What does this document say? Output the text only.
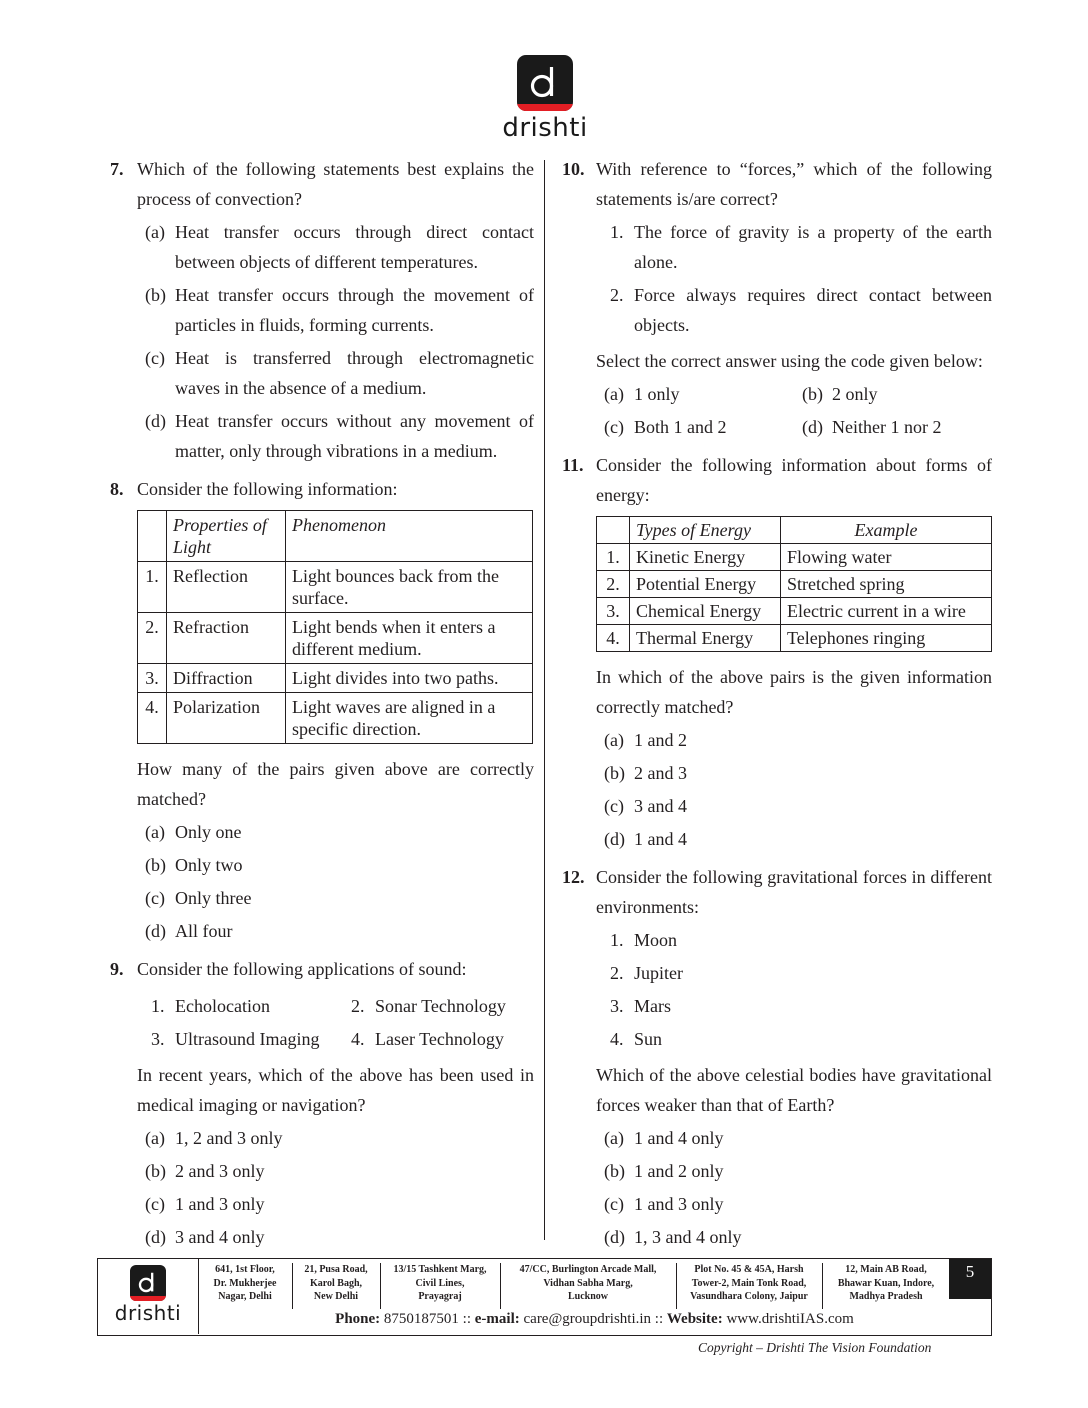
drishti
7. Which of the following statements best explains the process of convection?
(a) Heat transfer occurs through direct contact between objects of different temperatures.
(b) Heat transfer occurs through the movement of particles in fluids, forming currents.
(c) Heat is transferred through electromagnetic waves in the absence of a medium.
(d) Heat transfer occurs without any movement of matter, only through vibrations in a medium.
8. Consider the following information:
	Properties of Light	Phenomenon
1.	Reflection	Light bounces back from the surface.
2.	Refraction	Light bends when it enters a different medium.
3.	Diffraction	Light divides into two paths.
4.	Polarization	Light waves are aligned in a specific direction.
How many of the pairs given above are correctly matched?
(a) Only one
(b) Only two
(c) Only three
(d) All four
9. Consider the following applications of sound:
1. Echolocation	2. Sonar Technology
3. Ultrasound Imaging	4. Laser Technology
In recent years, which of the above has been used in medical imaging or navigation?
(a) 1, 2 and 3 only
(b) 2 and 3 only
(c) 1 and 3 only
(d) 3 and 4 only
10. With reference to “forces,” which of the following statements is/are correct?
1. The force of gravity is a property of the earth alone.
2. Force always requires direct contact between objects.
Select the correct answer using the code given below:
(a) 1 only	(b) 2 only
(c) Both 1 and 2	(d) Neither 1 nor 2
11. Consider the following information about forms of energy:
	Types of Energy	Example
1.	Kinetic Energy	Flowing water
2.	Potential Energy	Stretched spring
3.	Chemical Energy	Electric current in a wire
4.	Thermal Energy	Telephones ringing
In which of the above pairs is the given information correctly matched?
(a) 1 and 2
(b) 2 and 3
(c) 3 and 4
(d) 1 and 4
12. Consider the following gravitational forces in different environments:
1. Moon
2. Jupiter
3. Mars
4. Sun
Which of the above celestial bodies have gravitational forces weaker than that of Earth?
(a) 1 and 4 only
(b) 1 and 2 only
(c) 1 and 3 only
(d) 1, 3 and 4 only
drishti
641, 1st Floor,
Dr. Mukherjee
Nagar, Delhi
21, Pusa Road,
Karol Bagh,
New Delhi
13/15 Tashkent Marg,
Civil Lines,
Prayagraj
47/CC, Burlington Arcade Mall,
Vidhan Sabha Marg,
Lucknow
Plot No. 45 & 45A, Harsh
Tower-2, Main Tonk Road,
Vasundhara Colony, Jaipur
12, Main AB Road,
Bhawar Kuan, Indore,
Madhya Pradesh
5
Phone: 8750187501 :: e-mail: care@groupdrishti.in :: Website: www.drishtiIAS.com
Copyright – Drishti The Vision Foundation
